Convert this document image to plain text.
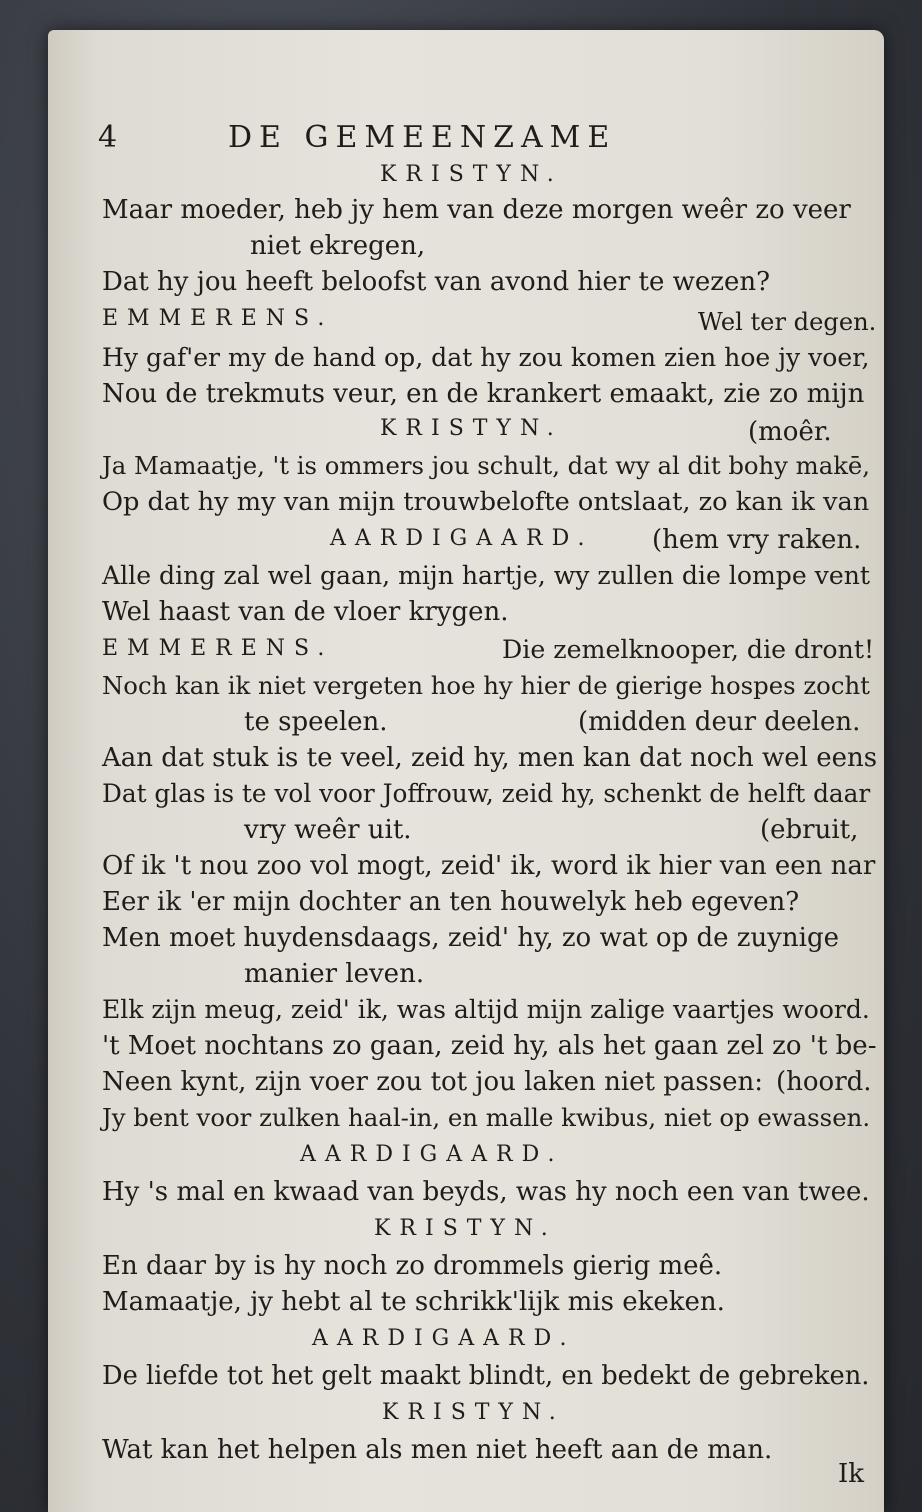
4	DE GEMEENZAME
KRISTYN.
Maar moeder, heb jy hem van deze morgen weêr zo veer
niet ekregen,
Dat hy jou heeft beloofst van avond hier te wezen?
EMMERENS.	Wel ter degen.
Hy gaf'er my de hand op, dat hy zou komen zien hoe jy voer,
Nou de trekmuts veur, en de krankert emaakt, zie zo mijn
KRISTYN.	(moêr.
Ja Mamaatje, 't is ommers jou schult, dat wy al dit bohy makē,
Op dat hy my van mijn trouwbelofte ontslaat, zo kan ik van
AARDIGAARD. (hem vry raken.
Alle ding zal wel gaan, mijn hartje, wy zullen die lompe vent
Wel haast van de vloer krygen.
EMMERENS.	Die zemelknooper, die dront!
Noch kan ik niet vergeten hoe hy hier de gierige hospes zocht
te speelen.	(midden deur deelen.
Aan dat stuk is te veel, zeid hy, men kan dat noch wel eens
Dat glas is te vol voor Joffrouw, zeid hy, schenkt de helft daar
vry weêr uit.	(ebruit,
Of ik 't nou zoo vol mogt, zeid' ik, word ik hier van een nar
Eer ik 'er mijn dochter an ten houwelyk heb egeven?
Men moet huydensdaags, zeid' hy, zo wat op de zuynige
manier leven.
Elk zijn meug, zeid' ik, was altijd mijn zalige vaartjes woord.
't Moet nochtans zo gaan, zeid hy, als het gaan zel zo 't be-
Neen kynt, zijn voer zou tot jou laken niet passen: (hoord.
Jy bent voor zulken haal-in, en malle kwibus, niet op ewassen.
AARDIGAARD.
Hy 's mal en kwaad van beyds, was hy noch een van twee.
KRISTYN.
En daar by is hy noch zo drommels gierig meê.
Mamaatje, jy hebt al te schrikk'lijk mis ekeken.
AARDIGAARD.
De liefde tot het gelt maakt blindt, en bedekt de gebreken.
KRISTYN.
Wat kan het helpen als men niet heeft aan de man.
Ik
